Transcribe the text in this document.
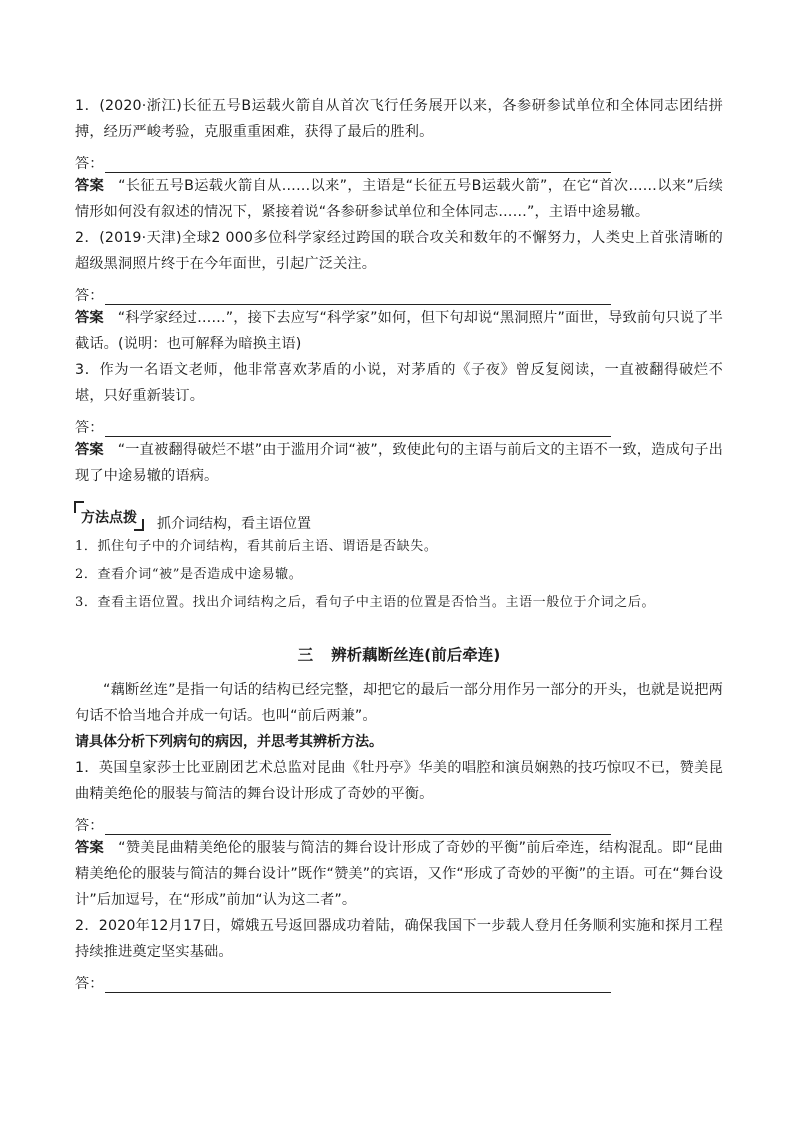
1．(2020·浙江)长征五号B运载火箭自从首次飞行任务展开以来，各参研参试单位和全体同志团结拼搏，经历严峻考验，克服重重困难，获得了最后的胜利。

答：

答案 “长征五号B运载火箭自从……以来”，主语是“长征五号B运载火箭”，在它“首次……以来”后续情形如何没有叙述的情况下，紧接着说“各参研参试单位和全体同志……”，主语中途易辙。

2．(2019·天津)全球2 000多位科学家经过跨国的联合攻关和数年的不懈努力，人类史上首张清晰的超级黑洞照片终于在今年面世，引起广泛关注。

答：

答案 “科学家经过……”，接下去应写“科学家”如何，但下句却说“黑洞照片”面世，导致前句只说了半截话。(说明：也可解释为暗换主语)

3．作为一名语文老师，他非常喜欢茅盾的小说，对茅盾的《子夜》曾反复阅读，一直被翻得破烂不堪，只好重新装订。

答：

答案 “一直被翻得破烂不堪”由于滥用介词“被”，致使此句的主语与前后文的主语不一致，造成句子出现了中途易辙的语病。

方法点拨	抓介词结构，看主语位置

1．抓住句子中的介词结构，看其前后主语、谓语是否缺失。

2．查看介词“被”是否造成中途易辙。

3．查看主语位置。找出介词结构之后，看句子中主语的位置是否恰当。主语一般位于介词之后。

三 辨析藕断丝连(前后牵连)

“藕断丝连”是指一句话的结构已经完整，却把它的最后一部分用作另一部分的开头，也就是说把两句话不恰当地合并成一句话。也叫“前后两兼”。

请具体分析下列病句的病因，并思考其辨析方法。

1．英国皇家莎士比亚剧团艺术总监对昆曲《牡丹亭》华美的唱腔和演员娴熟的技巧惊叹不已，赞美昆曲精美绝伦的服装与简洁的舞台设计形成了奇妙的平衡。

答：

答案 “赞美昆曲精美绝伦的服装与简洁的舞台设计形成了奇妙的平衡”前后牵连，结构混乱。即“昆曲精美绝伦的服装与简洁的舞台设计”既作“赞美”的宾语，又作“形成了奇妙的平衡”的主语。可在“舞台设计”后加逗号，在“形成”前加“认为这二者”。

2．2020年12月17日，嫦娥五号返回器成功着陆，确保我国下一步载人登月任务顺利实施和探月工程持续推进奠定坚实基础。

答：
